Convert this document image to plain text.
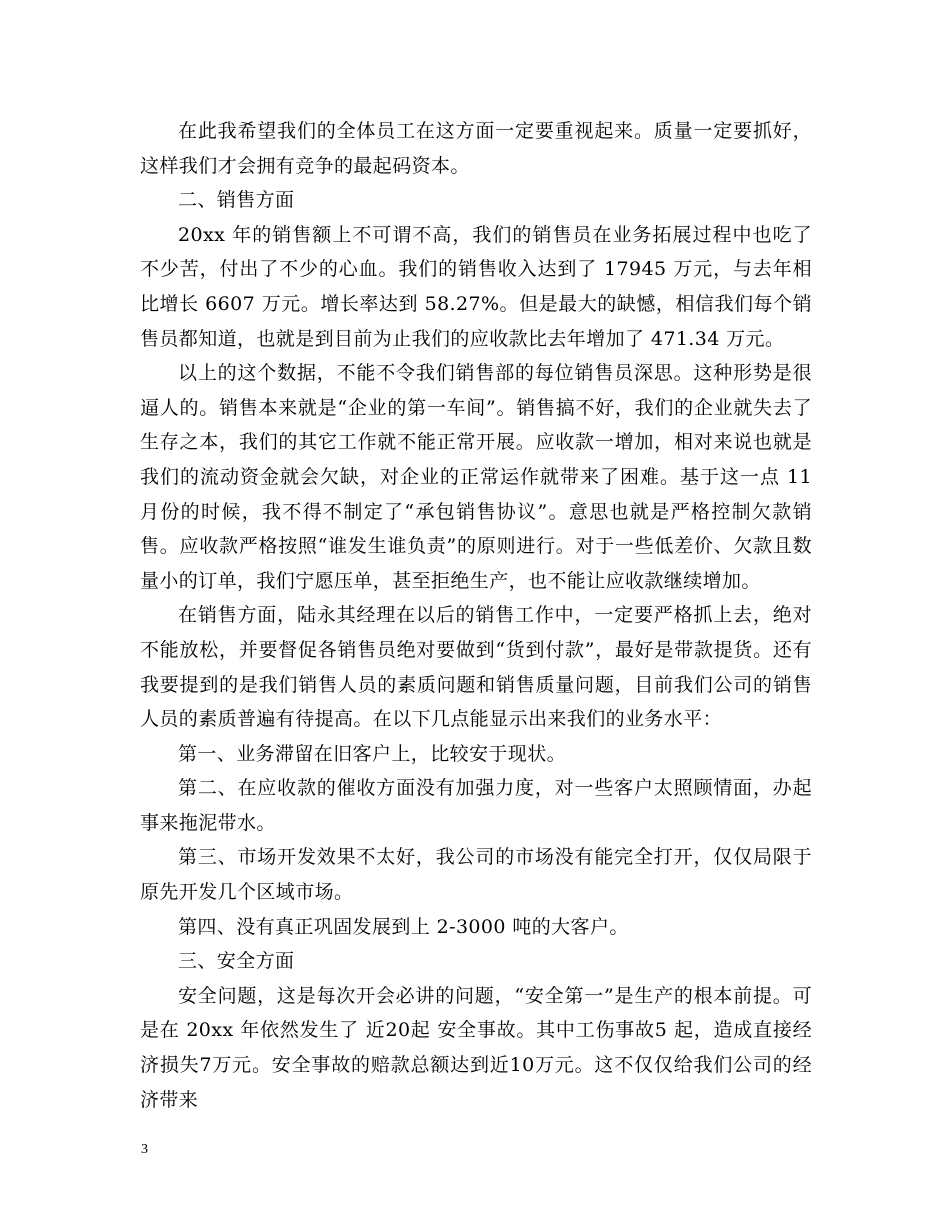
在此我希望我们的全体员工在这方面一定要重视起来。质量一定要抓好，这样我们才会拥有竞争的最起码资本。

二、销售方面

20xx 年的销售额上不可谓不高，我们的销售员在业务拓展过程中也吃了不少苦，付出了不少的心血。我们的销售收入达到了 17945 万元，与去年相比增长 6607 万元。增长率达到 58.27%。但是最大的缺憾，相信我们每个销售员都知道，也就是到目前为止我们的应收款比去年增加了 471.34 万元。

以上的这个数据，不能不令我们销售部的每位销售员深思。这种形势是很逼人的。销售本来就是“企业的第一车间”。销售搞不好，我们的企业就失去了生存之本，我们的其它工作就不能正常开展。应收款一增加，相对来说也就是我们的流动资金就会欠缺，对企业的正常运作就带来了困难。基于这一点 11 月份的时候，我不得不制定了“承包销售协议”。意思也就是严格控制欠款销售。应收款严格按照“谁发生谁负责”的原则进行。对于一些低差价、欠款且数量小的订单，我们宁愿压单，甚至拒绝生产，也不能让应收款继续增加。

在销售方面，陆永其经理在以后的销售工作中，一定要严格抓上去，绝对不能放松，并要督促各销售员绝对要做到“货到付款”，最好是带款提货。还有我要提到的是我们销售人员的素质问题和销售质量问题，目前我们公司的销售人员的素质普遍有待提高。在以下几点能显示出来我们的业务水平：

第一、业务滞留在旧客户上，比较安于现状。

第二、在应收款的催收方面没有加强力度，对一些客户太照顾情面，办起事来拖泥带水。

第三、市场开发效果不太好，我公司的市场没有能完全打开，仅仅局限于原先开发几个区域市场。

第四、没有真正巩固发展到上 2-3000 吨的大客户。

三、安全方面

安全问题，这是每次开会必讲的问题，“安全第一”是生产的根本前提。可是在 20xx 年依然发生了 近20起 安全事故。其中工伤事故5 起，造成直接经济损失7万元。安全事故的赔款总额达到近10万元。这不仅仅给我们公司的经济带来

3
